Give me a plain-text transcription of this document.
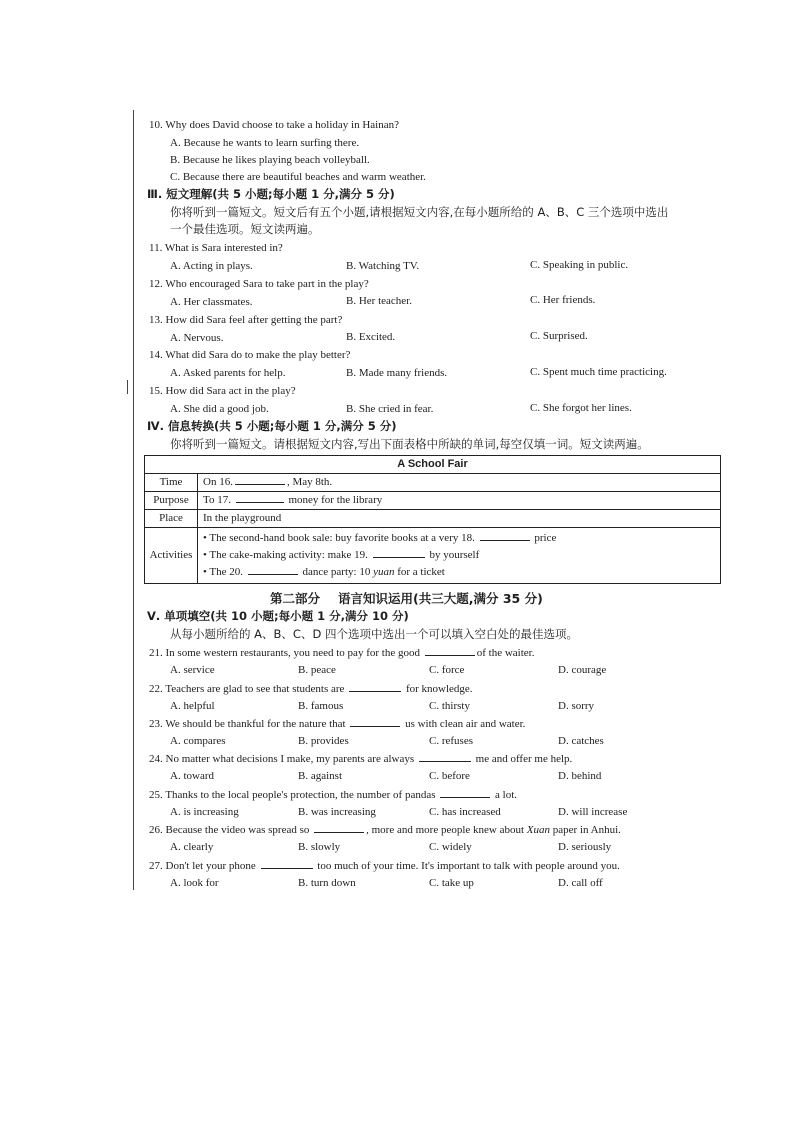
10. Why does David choose to take a holiday in Hainan?
A. Because he wants to learn surfing there.
B. Because he likes playing beach volleyball.
C. Because there are beautiful beaches and warm weather.
Ⅲ. 短文理解(共 5 小题;每小题 1 分,满分 5 分)
你将听到一篇短文。短文后有五个小题,请根据短文内容,在每小题所给的 A、B、C 三个选项中选出
一个最佳选项。短文读两遍。
11. What is Sara interested in?
A. Acting in plays.	B. Watching TV.	C. Speaking in public.
12. Who encouraged Sara to take part in the play?
A. Her classmates.	B. Her teacher.	C. Her friends.
13. How did Sara feel after getting the part?
A. Nervous.	B. Excited.	C. Surprised.
14. What did Sara do to make the play better?
A. Asked parents for help.	B. Made many friends.	C. Spent much time practicing.
15. How did Sara act in the play?
A. She did a good job.	B. She cried in fear.	C. She forgot her lines.
Ⅳ. 信息转换(共 5 小题;每小题 1 分,满分 5 分)
你将听到一篇短文。请根据短文内容,写出下面表格中所缺的单词,每空仅填一词。短文读两遍。
A School Fair	
Time	On 16. , May 8th.
Purpose	To 17. money for the library
Place	In the playground
Activities	• The second-hand book sale: buy favorite books at a very 18. price
• The cake-making activity: make 19. by yourself
• The 20. dance party: 10 yuan for a ticket
第二部分 语言知识运用(共三大题,满分 35 分)
Ⅴ. 单项填空(共 10 小题;每小题 1 分,满分 10 分)
从每小题所给的 A、B、C、D 四个选项中选出一个可以填入空白处的最佳选项。
21. In some western restaurants, you need to pay for the good	of the waiter.
A. service	B. peace	C. force	D. courage
22. Teachers are glad to see that students are	for knowledge.
A. helpful	B. famous	C. thirsty	D. sorry
23. We should be thankful for the nature that	us with clean air and water.
A. compares	B. provides	C. refuses	D. catches
24. No matter what decisions I make, my parents are always	me and offer me help.
A. toward	B. against	C. before	D. behind
25. Thanks to the local people's protection, the number of pandas	a lot.
A. is increasing	B. was increasing	C. has increased	D. will increase
26. Because the video was spread so	, more and more people knew about Xuan paper in Anhui.
A. clearly	B. slowly	C. widely	D. seriously
27. Don't let your phone	too much of your time. It's important to talk with people around you.
A. look for	B. turn down	C. take up	D. call off
